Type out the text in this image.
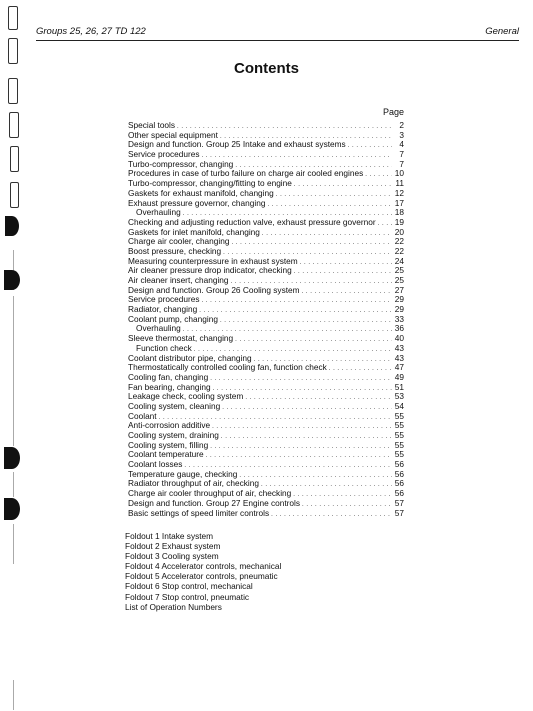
Groups 25, 26, 27 TD 122	General
Contents
Page
Special tools . . .	2
Other special equipment . . .	3
Design and function. Group 25 Intake and exhaust systems . . .	4
Service procedures . . .	7
Turbo-compressor, changing . . .	7
Procedures in case of turbo failure on charge air cooled engines . . .	10
Turbo-compressor, changing/fitting to engine . . .	11
Gaskets for exhaust manifold, changing . . .	12
Exhaust pressure governor, changing . . .	17
Overhauling . . .	18
Checking and adjusting reduction valve, exhaust pressure governor . . . 19
Gaskets for inlet manifold, changing . . .	20
Charge air cooler, changing . . .	22
Boost pressure, checking . . .	22
Measuring counterpressure in exhaust system . . .	24
Air cleaner pressure drop indicator, checking . . .	25
Air cleaner insert, changing . . .	25
Design and function. Group 26 Cooling system . . .	27
Service procedures . . .	29
Radiator, changing . . .	29
Coolant pump, changing . . .	33
Overhauling . . .	36
Sleeve thermostat, changing . . .	40
Function check . . .	43
Coolant distributor pipe, changing . . .	43
Thermostatically controlled cooling fan, function check . . .	47
Cooling fan, changing . . .	49
Fan bearing, changing . . .	51
Leakage check, cooling system . . .	53
Cooling system, cleaning . . .	54
Coolant . . .	55
Anti-corrosion additive . . .	55
Cooling system, draining . . .	55
Cooling system, filling . . .	55
Coolant temperature . . .	55
Coolant losses . . .	56
Temperature gauge, checking . . .	56
Radiator throughput of air, checking . . .	56
Charge air cooler throughput of air, checking . . .	56
Design and function. Group 27 Engine controls . . .	57
Basic settings of speed limiter controls . . .	57
Foldout 1 Intake system
Foldout 2 Exhaust system
Foldout 3 Cooling system
Foldout 4 Accelerator controls, mechanical
Foldout 5 Accelerator controls, pneumatic
Foldout 6 Stop control, mechanical
Foldout 7 Stop control, pneumatic
List of Operation Numbers
